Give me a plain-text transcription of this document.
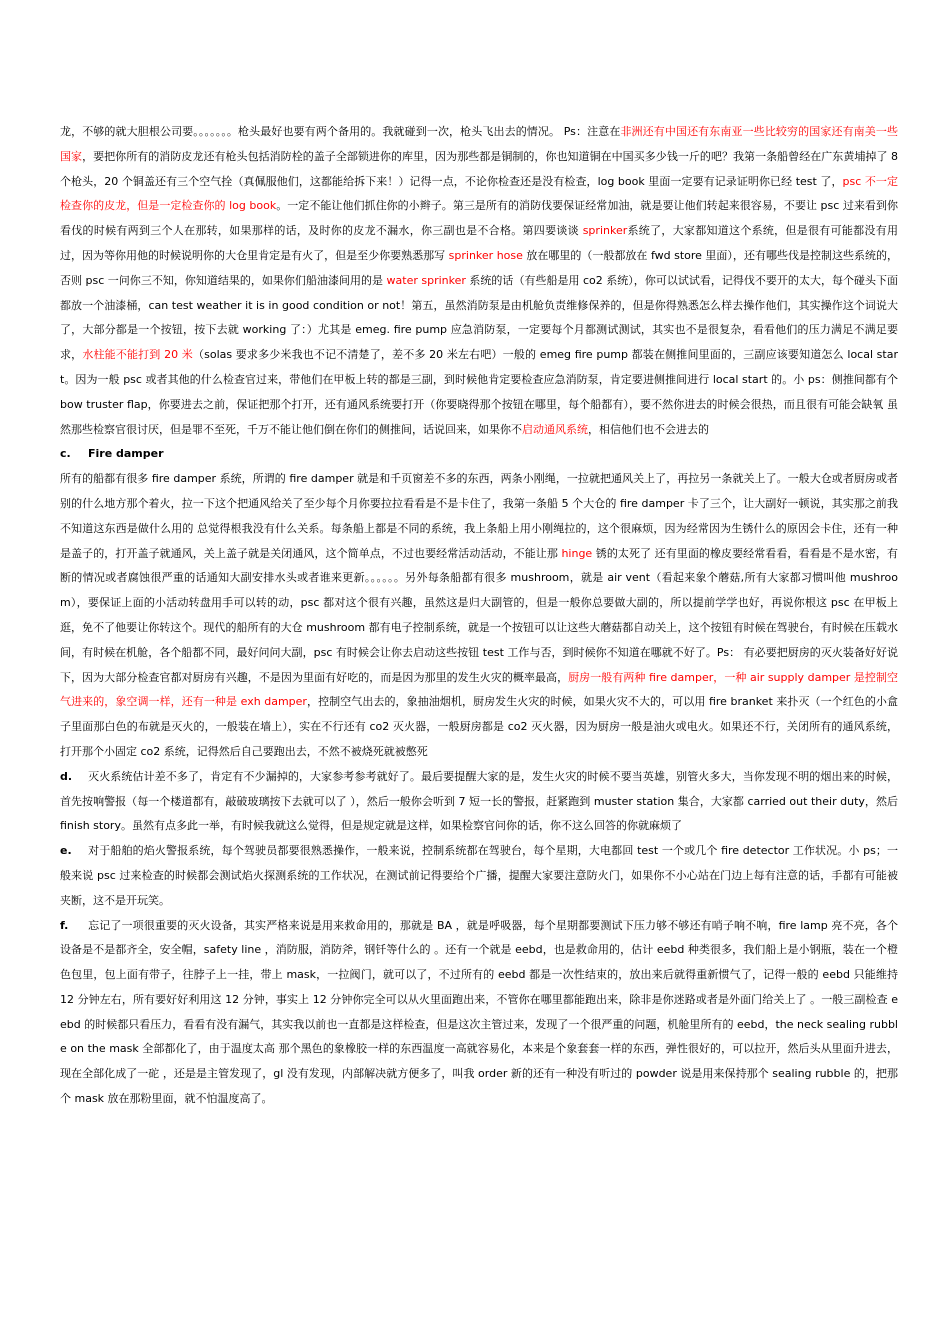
龙，不够的就大胆根公司要。。。。。。。枪头最好也要有两个备用的。我就碰到一次，枪头飞出去的情况。 Ps：注意在非洲还有中国还有东南亚一些比较穷的国家还有南美一些国家，要把你所有的消防皮龙还有枪头包括消防栓的盖子全部锁进你的库里，因为那些都是铜制的，你也知道铜在中国买多少钱一斤的吧？我第一条船曾经在广东黄埔掉了 8 个枪头，20 个铜盖还有三个空气拴（真佩服他们，这都能给拆下来！）记得一点，不论你检查还是没有检查，log book 里面一定要有记录证明你已经 test 了，psc 不一定检查你的皮龙，但是一定检查你的 log book。一定不能让他们抓住你的小辫子。第三是所有的消防伐要保证经常加油，就是要让他们转起来很容易，不要让 psc 过来看到你看伐的时候有两到三个人在那转，如果那样的话，及时你的皮龙不漏水，你三副也是不合格。第四要谈谈 sprinker系统了，大家都知道这个系统，但是很有可能都没有用过，因为等你用他的时候说明你的大仓里肯定是有火了，但是至少你要熟悉那写 sprinker hose 放在哪里的（一般都放在 fwd store 里面），还有哪些伐是控制这些系统的，否则 psc 一问你三不知，你知道结果的，如果你们船油漆间用的是 water sprinker 系统的话（有些船是用 co2 系统），你可以试试看，记得伐不要开的太大，每个碰头下面都放一个油漆桶，can test weather it is in good condition or not！第五，虽然消防泵是由机舱负责维修保养的，但是你得熟悉怎么样去操作他们，其实操作这个词说大了，大部分都是一个按钮，按下去就 working 了：）尤其是 emeg. fire pump 应急消防泵，一定要每个月都测试测试，其实也不是很复杂，看看他们的压力满足不满足要求，水柱能不能打到 20 米（solas 要求多少米我也不记不清楚了，差不多 20 米左右吧）一般的 emeg fire pump 都装在侧推间里面的，三副应该要知道怎么 local start。因为一般 psc 或者其他的什么检查官过来，带他们在甲板上转的都是三副，到时候他肯定要检查应急消防泵，肯定要进侧推间进行 local start 的。小 ps：侧推间都有个 bow truster flap，你要进去之前，保证把那个打开，还有通风系统要打开（你要晓得那个按钮在哪里，每个船都有），要不然你进去的时候会很热，而且很有可能会缺氧 虽然那些检察官很讨厌，但是罪不至死，千万不能让他们倒在你们的侧推间，话说回来，如果你不启动通风系统，相信他们也不会进去的

c. Fire damper

所有的船都有很多 fire damper 系统，所谓的 fire damper 就是和千页窗差不多的东西，两条小刚绳，一拉就把通风关上了，再拉另一条就关上了。一般大仓或者厨房或者别的什么地方那个着火，拉一下这个把通风给关了至少每个月你要拉拉看看是不是卡住了，我第一条船 5 个大仓的 fire damper 卡了三个，让大副好一顿说，其实那之前我不知道这东西是做什么用的 总觉得根我没有什么关系。每条船上都是不同的系统，我上条船上用小刚绳拉的，这个很麻烦，因为经常因为生锈什么的原因会卡住，还有一种是盖子的，打开盖子就通风，关上盖子就是关闭通风，这个简单点，不过也要经常活动活动，不能让那 hinge 锈的太死了 还有里面的橡皮要经常看看，看看是不是水密，有断的情况或者腐蚀很严重的话通知大副安排水头或者谁来更新。。。。。。另外每条船都有很多 mushroom，就是 air vent（看起来象个蘑菇,所有大家都习惯叫他 mushroom），要保证上面的小活动转盘用手可以转的动，psc 都对这个很有兴趣，虽然这是归大副管的，但是一般你总要做大副的，所以提前学学也好，再说你根这 psc 在甲板上逛，免不了他要让你转这个。现代的船所有的大仓 mushroom 都有电子控制系统，就是一个按钮可以让这些大蘑菇都自动关上，这个按钮有时候在驾驶台，有时候在压载水间，有时候在机舱，各个船都不同，最好问问大副，psc 有时候会让你去启动这些按钮 test 工作与否，到时候你不知道在哪就不好了。Ps： 有必要把厨房的灭火装备好好说下，因为大部分检查官都对厨房有兴趣，不是因为里面有好吃的，而是因为那里的发生火灾的概率最高，厨房一般有两种 fire damper，一种 air supply damper 是控制空气进来的，象空调一样，还有一种是 exh damper，控制空气出去的，象抽油烟机，厨房发生火灾的时候，如果火灾不大的，可以用 fire branket 来扑灭（一个红色的小盒子里面那白色的布就是灭火的，一般装在墙上），实在不行还有 co2 灭火器，一般厨房都是 co2 灭火器，因为厨房一般是油火或电火。如果还不行，关闭所有的通风系统，打开那个小固定 co2 系统，记得然后自己要跑出去，不然不被烧死就被憋死

d. 灭火系统估计差不多了，肯定有不少漏掉的，大家参考参考就好了。最后要提醒大家的是，发生火灾的时候不要当英雄，别管火多大，当你发现不明的烟出来的时候，首先按响警报（每一个楼道都有，敲破玻璃按下去就可以了 ），然后一般你会听到 7 短一长的警报，赶紧跑到 muster station 集合，大家都 carried out their duty，然后 finish story。虽然有点多此一举，有时候我就这么觉得，但是规定就是这样，如果检察官问你的话，你不这么回答的你就麻烦了

e. 对于船舶的焰火警报系统，每个驾驶员都要很熟悉操作，一般来说，控制系统都在驾驶台，每个星期，大电都回 test 一个或几个 fire detector 工作状况。小 ps；一般来说 psc 过来检查的时候都会测试焰火探测系统的工作状况，在测试前记得要给个广播，提醒大家要注意防火门，如果你不小心站在门边上每有注意的话，手都有可能被夹断，这不是开玩笑。

f. 忘记了一项很重要的灭火设备，其实严格来说是用来救命用的，那就是 BA ，就是呼吸器，每个星期都要测试下压力够不够还有哨子响不响，fire lamp 亮不亮，各个设备是不是都齐全，安全帽，safety line ，消防服，消防斧，钢钎等什么的 。还有一个就是 eebd，也是救命用的，估计 eebd 种类很多，我们船上是小钢瓶，装在一个橙色包里，包上面有带子，往脖子上一挂，带上 mask，一拉阀门，就可以了，不过所有的 eebd 都是一次性结束的，放出来后就得重新惯气了，记得一般的 eebd 只能维持 12 分钟左右，所有要好好利用这 12 分钟，事实上 12 分钟你完全可以从火里面跑出来，不管你在哪里都能跑出来，除非是你迷路或者是外面门给关上了 。一般三副检查 eebd 的时候都只看压力，看看有没有漏气，其实我以前也一直都是这样检查，但是这次主管过来，发现了一个很严重的问题，机舱里所有的 eebd，the neck sealing rubble on the mask 全部都化了，由于温度太高 那个黑色的象橡胶一样的东西温度一高就容易化，本来是个象套套一样的东西，弹性很好的，可以拉开，然后头从里面升进去，现在全部化成了一砣 ，还是是主管发现了，gl 没有发现，内部解决就方便多了，叫我 order 新的还有一种没有听过的 powder 说是用来保持那个 sealing rubble 的，把那个 mask 放在那粉里面，就不怕温度高了。
